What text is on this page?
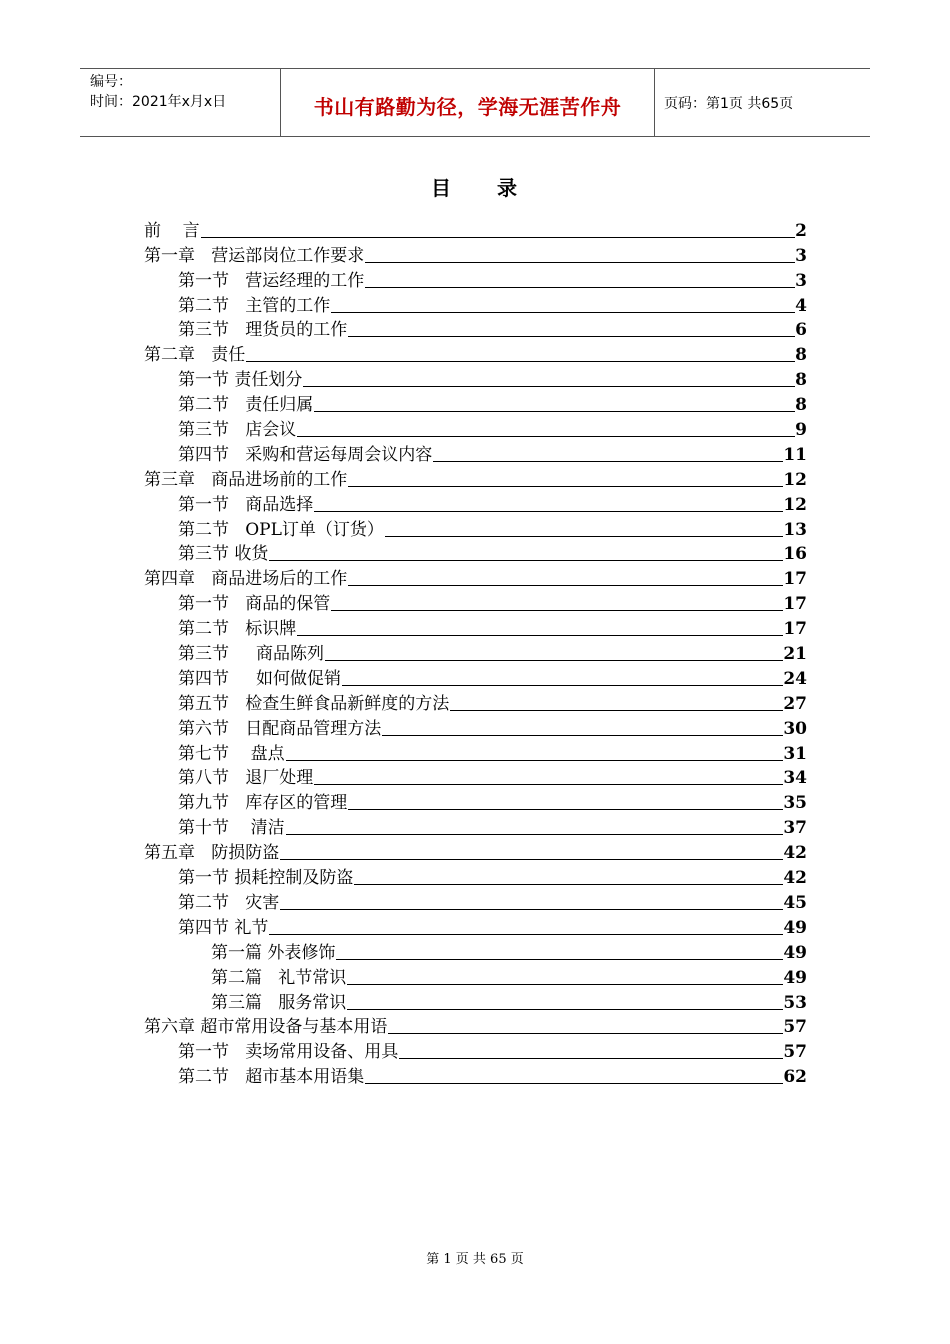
编号：
时间：2021年x月x日	书山有路勤为径，学海无涯苦作舟	页码：第1页 共65页
目 录
前    言	2
第一章   营运部岗位工作要求	3
第一节   营运经理的工作	3
第二节   主管的工作	4
第三节   理货员的工作	6
第二章   责任	8
第一节 责任划分	8
第二节   责任归属	8
第三节   店会议	9
第四节   采购和营运每周会议内容	11
第三章   商品进场前的工作	12
第一节   商品选择	12
第二节   OPL订单（订货）	13
第三节 收货	16
第四章   商品进场后的工作	17
第一节   商品的保管	17
第二节   标识牌	17
第三节     商品陈列	21
第四节     如何做促销	24
第五节   检查生鲜食品新鲜度的方法	27
第六节   日配商品管理方法	30
第七节    盘点	31
第八节   退厂处理	34
第九节   库存区的管理	35
第十节    清洁	37
第五章   防损防盗	42
第一节 损耗控制及防盗	42
第二节   灾害	45
第四节 礼节	49
第一篇 外表修饰	49
第二篇   礼节常识	49
第三篇   服务常识	53
第六章 超市常用设备与基本用语	57
第一节   卖场常用设备、用具	57
第二节   超市基本用语集	62
第 1 页 共 65 页
